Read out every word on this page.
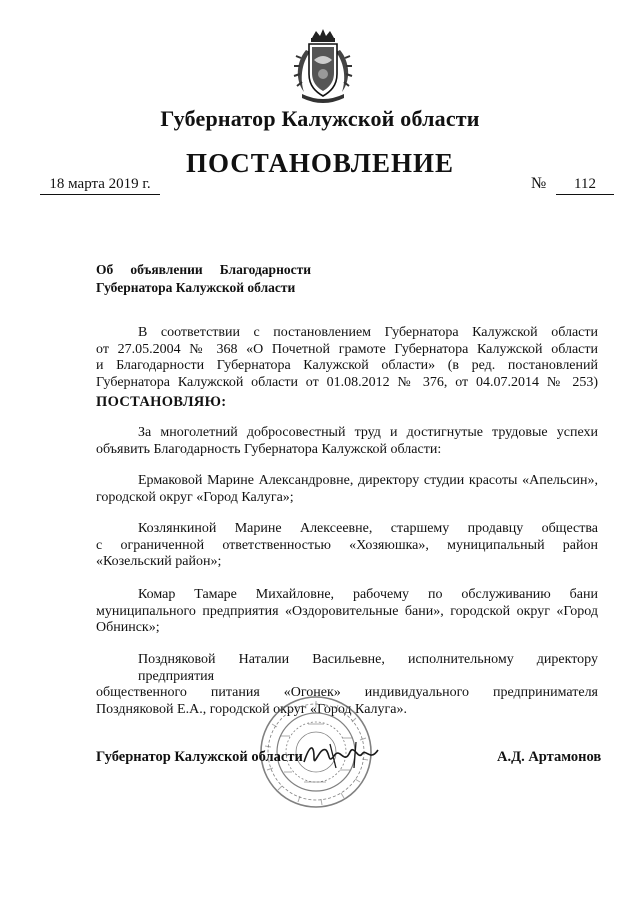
Губернатор Калужской области
ПОСТАНОВЛЕНИЕ
18 марта 2019 г.	№	112
Об объявлении Благодарности
Губернатора Калужской области
В соответствии с постановлением Губернатора Калужской области
от 27.05.2004 № 368 «О Почетной грамоте Губернатора Калужской области
и Благодарности Губернатора Калужской области» (в ред. постановлений
Губернатора Калужской области от 01.08.2012 № 376, от 04.07.2014 № 253)
ПОСТАНОВЛЯЮ:
За многолетний добросовестный труд и достигнутые трудовые успехи
объявить Благодарность Губернатора Калужской области:
Ермаковой Марине Александровне, директору студии красоты «Апельсин»,
городской округ «Город Калуга»;
Козлянкиной Марине Алексеевне, старшему продавцу общества
с ограниченной ответственностью «Хозяюшка», муниципальный район
«Козельский район»;
Комар Тамаре Михайловне, рабочему по обслуживанию бани
муниципального предприятия «Оздоровительные бани», городской округ «Город
Обнинск»;
Поздняковой Наталии Васильевне, исполнительному директору предприятия
общественного питания «Огонек» индивидуального предпринимателя
Поздняковой Е.А., городской округ «Город Калуга».
Губернатор Калужской области	А.Д. Артамонов
